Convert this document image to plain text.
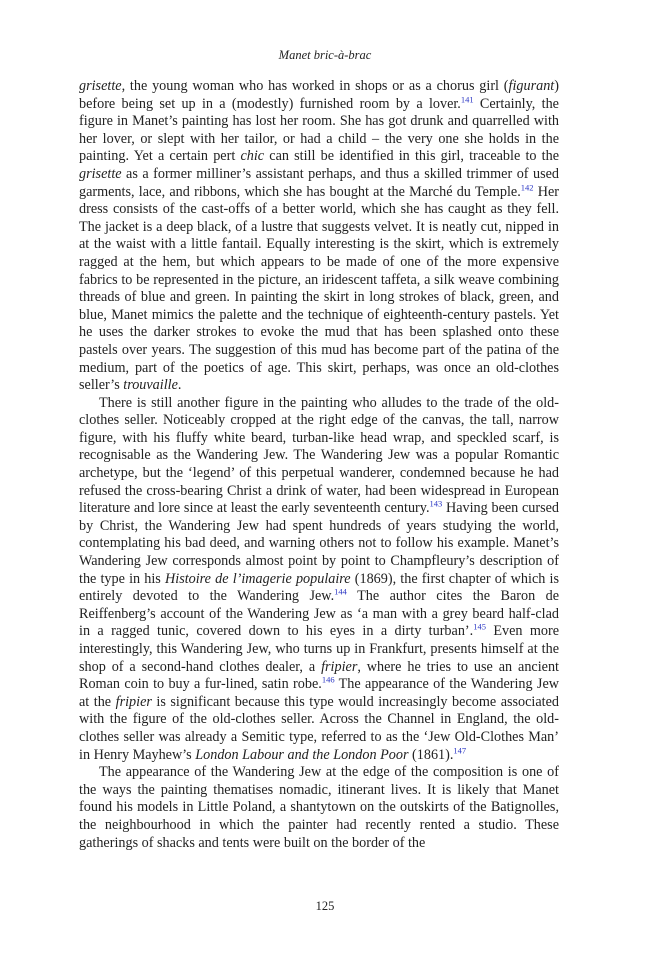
Manet bric-à-brac

grisette, the young woman who has worked in shops or as a chorus girl (figurant) before being set up in a (modestly) furnished room by a lover.$^{141}$ Certainly, the figure in Manet’s painting has lost her room. She has got drunk and quarrelled with her lover, or slept with her tailor, or had a child – the very one she holds in the painting. Yet a certain pert chic can still be identified in this girl, traceable to the grisette as a former milliner’s assistant perhaps, and thus a skilled trimmer of used garments, lace, and ribbons, which she has bought at the Marché du Temple.$^{142}$ Her dress consists of the cast-offs of a better world, which she has caught as they fell. The jacket is a deep black, of a lustre that suggests velvet. It is neatly cut, nipped in at the waist with a little fantail. Equally interesting is the skirt, which is extremely ragged at the hem, but which appears to be made of one of the more expensive fabrics to be represented in the picture, an iridescent taffeta, a silk weave combining threads of blue and green. In painting the skirt in long strokes of black, green, and blue, Manet mimics the palette and the technique of eighteenth-century pastels. Yet he uses the darker strokes to evoke the mud that has been splashed onto these pastels over years. The suggestion of this mud has become part of the patina of the medium, part of the poetics of age. This skirt, perhaps, was once an old-clothes seller’s trouvaille.

There is still another figure in the painting who alludes to the trade of the old-clothes seller. Noticeably cropped at the right edge of the canvas, the tall, narrow figure, with his fluffy white beard, turban-like head wrap, and speckled scarf, is recognisable as the Wandering Jew. The Wandering Jew was a popular Romantic archetype, but the ‘legend’ of this perpetual wanderer, condemned because he had refused the cross-bearing Christ a drink of water, had been widespread in European literature and lore since at least the early seventeenth century.$^{143}$ Having been cursed by Christ, the Wandering Jew had spent hundreds of years studying the world, contemplating his bad deed, and warning others not to follow his example. Manet’s Wandering Jew corresponds almost point by point to Champfleury’s description of the type in his Histoire de l’imagerie populaire (1869), the first chapter of which is entirely devoted to the Wandering Jew.$^{144}$ The author cites the Baron de Reiffenberg’s account of the Wandering Jew as ‘a man with a grey beard half-clad in a ragged tunic, covered down to his eyes in a dirty turban’.$^{145}$ Even more interestingly, this Wandering Jew, who turns up in Frankfurt, presents himself at the shop of a second-hand clothes dealer, a fripier, where he tries to use an ancient Roman coin to buy a fur-lined, satin robe.$^{146}$ The appearance of the Wandering Jew at the fripier is significant because this type would increasingly become associated with the figure of the old-clothes seller. Across the Channel in England, the old-clothes seller was already a Semitic type, referred to as the ‘Jew Old-Clothes Man’ in Henry Mayhew’s London Labour and the London Poor (1861).$^{147}$

The appearance of the Wandering Jew at the edge of the composition is one of the ways the painting thematises nomadic, itinerant lives. It is likely that Manet found his models in Little Poland, a shantytown on the outskirts of the Batignolles, the neighbourhood in which the painter had recently rented a studio. These gatherings of shacks and tents were built on the border of the

125
